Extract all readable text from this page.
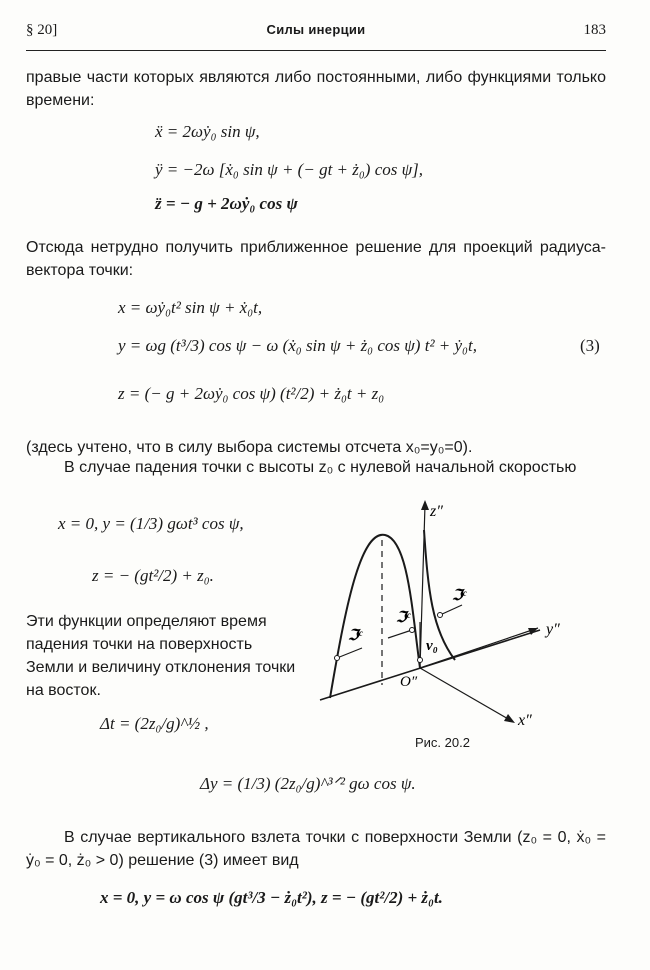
§ 20]	Силы инерции	183
правые части которых являются либо постоянными, либо функциями только времени:
ẍ = 2ωẏ₀ sin ψ,
ÿ = −2ω [ẋ₀ sin ψ + (− gt + ż₀) cos ψ],
z̈ = − g + 2ωẏ₀ cos ψ
Отсюда нетрудно получить приближенное решение для проекций радиуса-вектора точки:
x = ωẏ₀t² sin ψ + ẋ₀t,
y = ωg (t³/3) cos ψ − ω (ẋ₀ sin ψ + ż₀ cos ψ) t² + ẏ₀t,	(3)
z = (− g + 2ωẏ₀ cos ψ) (t²/2) + ż₀t + z₀
(здесь учтено, что в силу выбора системы отсчета x₀=y₀=0).
В случае падения точки с высоты z₀ с нулевой начальной скоростью
x = 0, y = (1/3) gωt³ cos ψ,
z = − (gt²/2) + z₀.
Эти функции определяют время падения точки на поверхность Земли и величину отклонения точки на восток.
Δt = (2z₀/g)^½ ,
z″
y″
x″
O″
v₀
ℑᶜ
ℑᶜ
ℑᶜ
Рис. 20.2
Δy = (1/3) (2z₀/g)^³ᐟ² gω cos ψ.
В случае вертикального взлета точки с поверхности Земли (z₀ = 0, ẋ₀ = ẏ₀ = 0, ż₀ > 0) решение (3) имеет вид
x = 0, y = ω cos ψ (gt³/3 − ż₀t²), z = − (gt²/2) + ż₀t.
